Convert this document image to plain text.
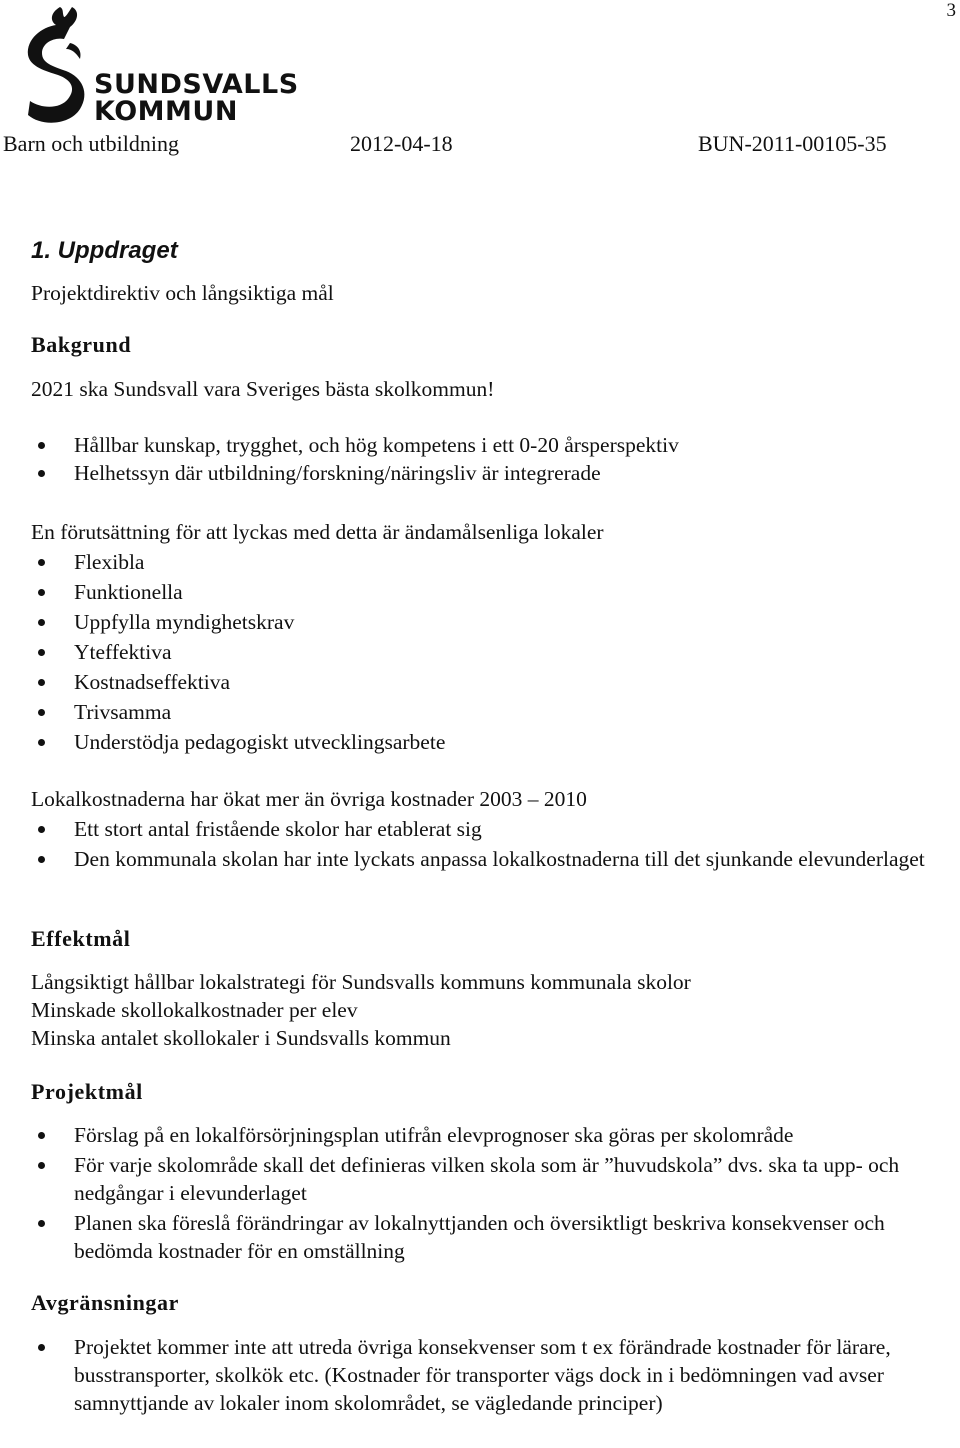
3
SUNDSVALLS
KOMMUN
Barn och utbildning	2012-04-18	BUN-2011-00105-35
1. Uppdraget
Projektdirektiv och långsiktiga mål
Bakgrund
2021 ska Sundsvall vara Sveriges bästa skolkommun!
Hållbar kunskap, trygghet, och hög kompetens i ett 0-20 årsperspektiv
Helhetssyn där utbildning/forskning/näringsliv är integrerade
En förutsättning för att lyckas med detta är ändamålsenliga lokaler
Flexibla
Funktionella
Uppfylla myndighetskrav
Yteffektiva
Kostnadseffektiva
Trivsamma
Understödja pedagogiskt utvecklingsarbete
Lokalkostnaderna har ökat mer än övriga kostnader 2003 – 2010
Ett stort antal fristående skolor har etablerat sig
Den kommunala skolan har inte lyckats anpassa lokalkostnaderna till det sjunkande elevunderlaget
Effektmål
Långsiktigt hållbar lokalstrategi för Sundsvalls kommuns kommunala skolor
Minskade skollokalkostnader per elev
Minska antalet skollokaler i Sundsvalls kommun
Projektmål
Förslag på en lokalförsörjningsplan utifrån elevprognoser ska göras per skolområde
För varje skolområde skall det definieras vilken skola som är ”huvudskola” dvs. ska ta upp- och nedgångar i elevunderlaget
Planen ska föreslå förändringar av lokalnyttjanden och översiktligt beskriva konsekvenser och bedömda kostnader för en omställning
Avgränsningar
Projektet kommer inte att utreda övriga konsekvenser som t ex förändrade kostnader för lärare, busstransporter, skolkök etc. (Kostnader för transporter vägs dock in i bedömningen vad avser samnyttjande av lokaler inom skolområdet, se vägledande principer)
